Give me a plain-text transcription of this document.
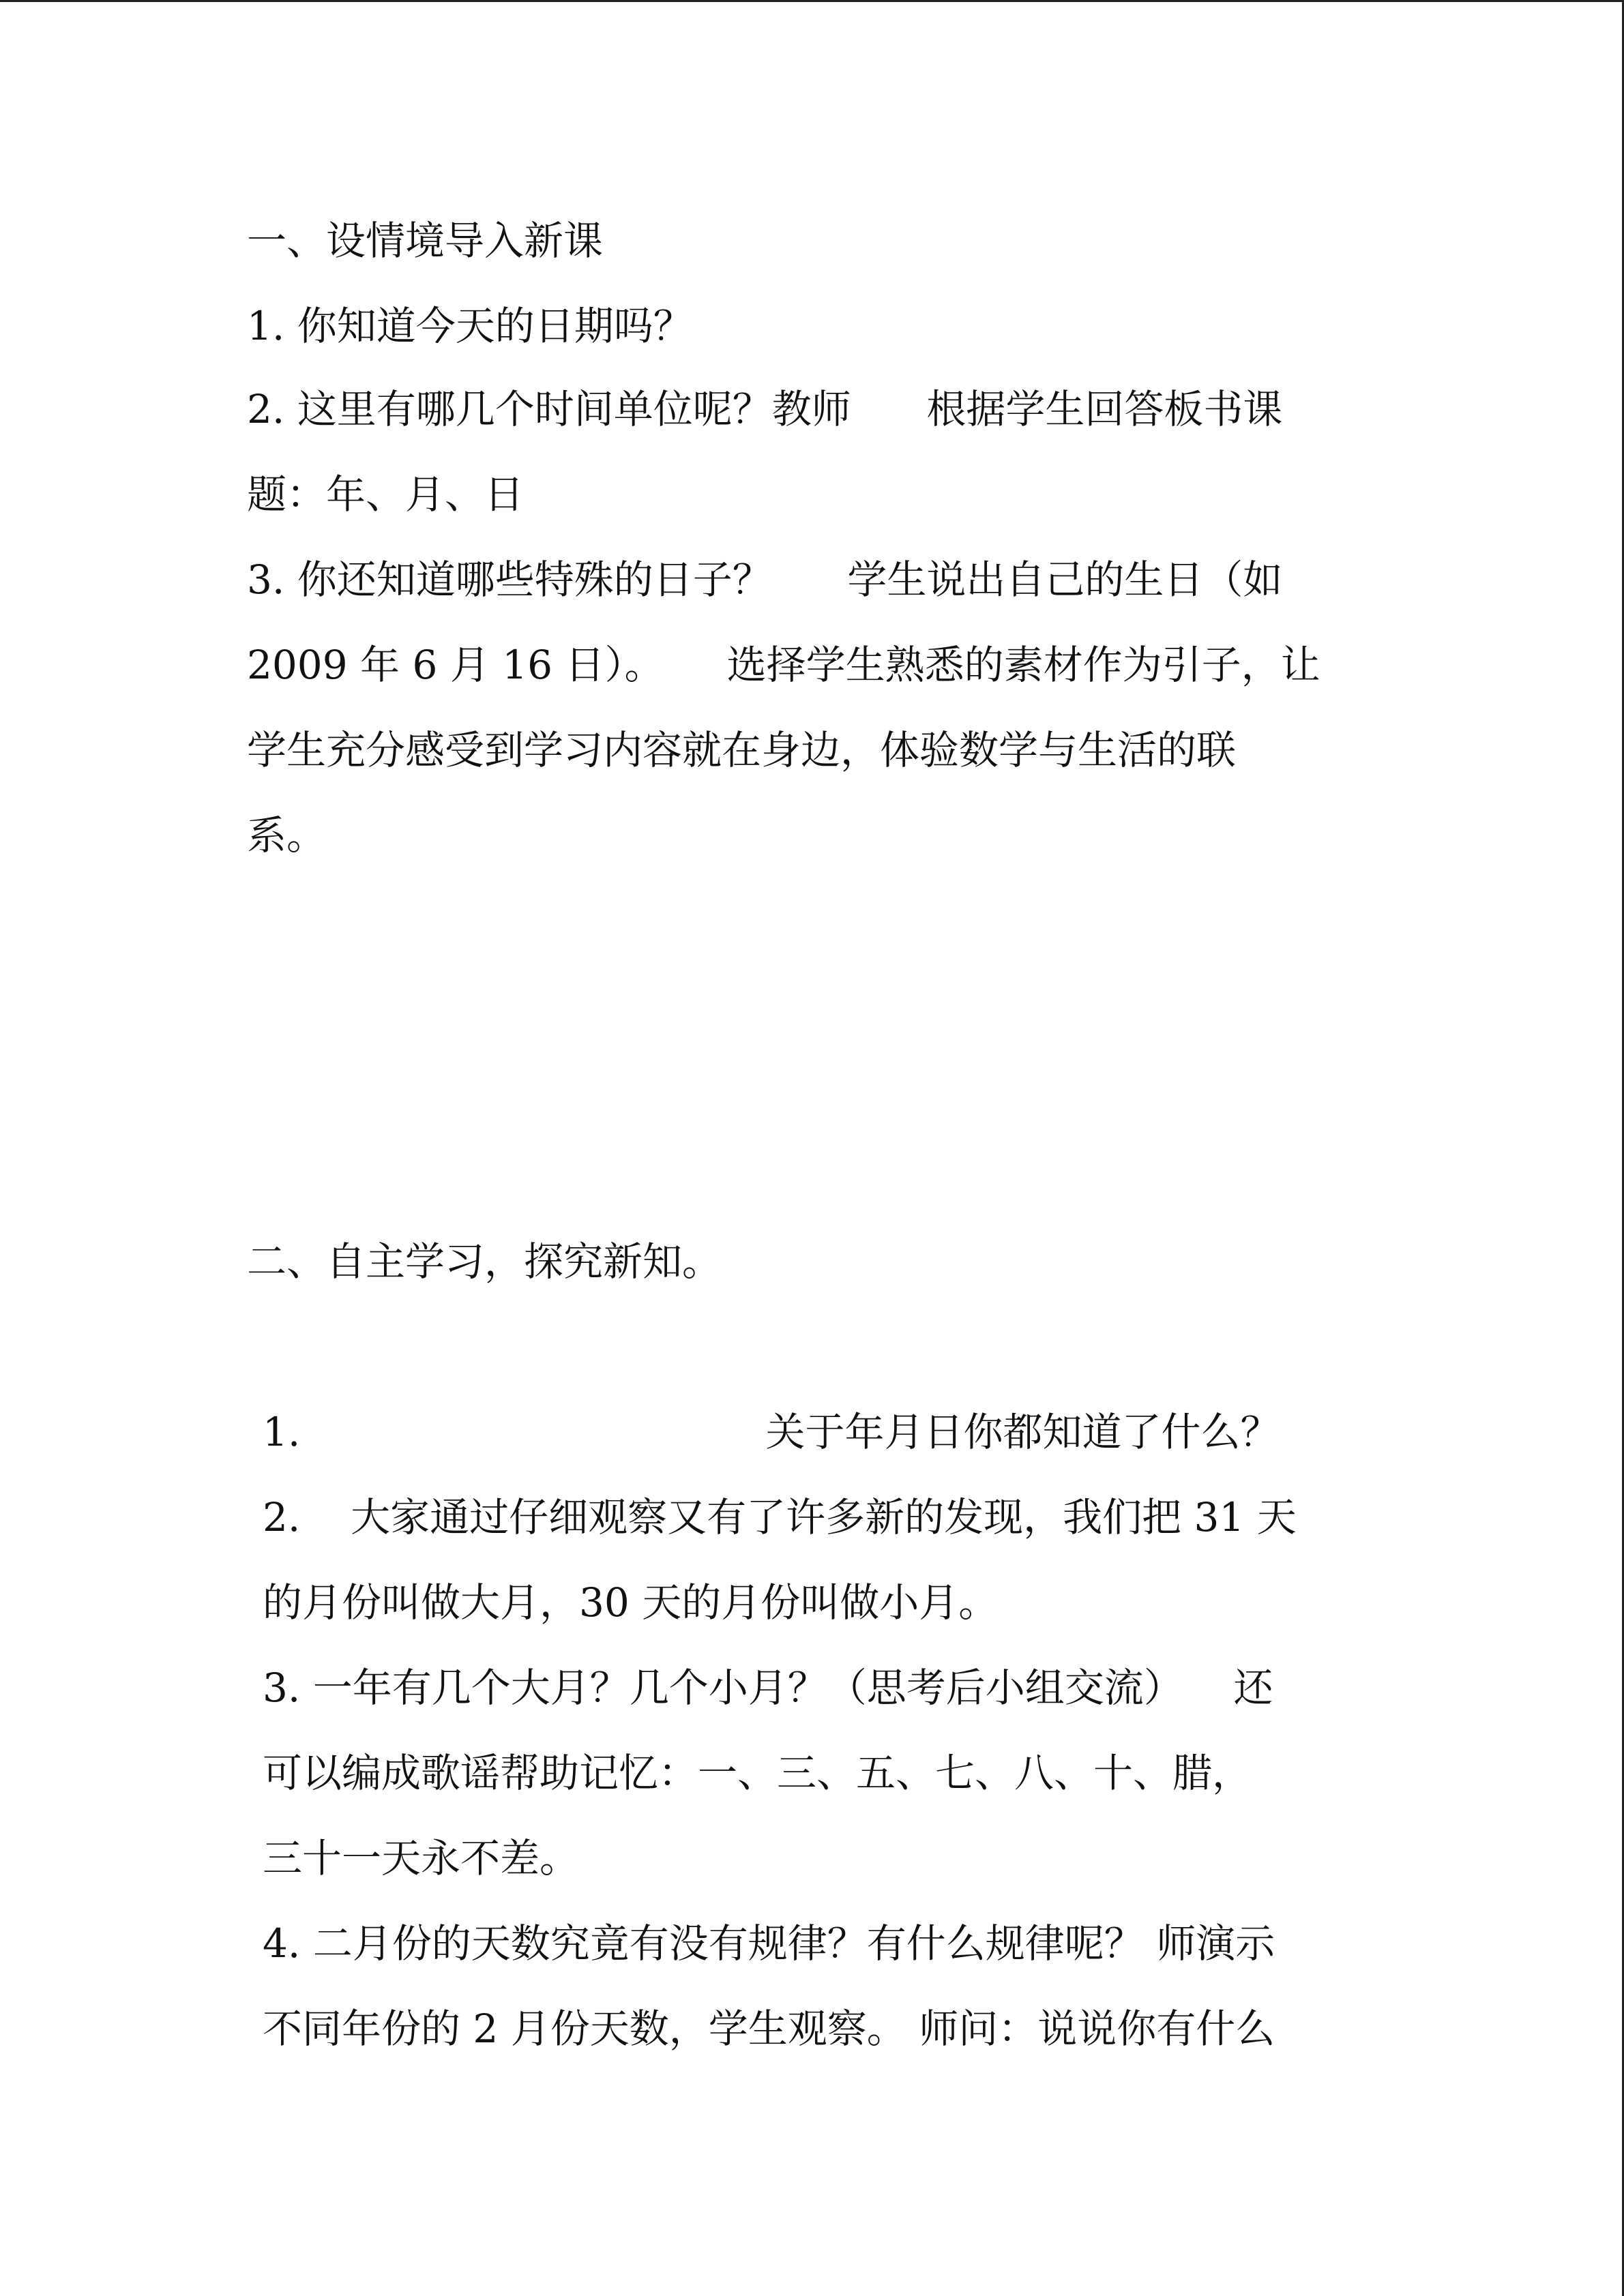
一、设情境导入新课
1. 你知道今天的日期吗？
2. 这里有哪几个时间单位呢？教师      根据学生回答板书课
题：年、月、日
3. 你还知道哪些特殊的日子？      学生说出自己的生日（如
2009 年 6 月 16 日）。     选择学生熟悉的素材作为引子，让
学生充分感受到学习内容就在身边，体验数学与生活的联
系。
二、自主学习，探究新知。
1.                                     关于年月日你都知道了什么？
2.    大家通过仔细观察又有了许多新的发现，我们把 31 天
的月份叫做大月，30 天的月份叫做小月。
3. 一年有几个大月？几个小月？（思考后小组交流）    还
可以编成歌谣帮助记忆：一、三、五、七、八、十、腊，
三十一天永不差。
4. 二月份的天数究竟有没有规律？有什么规律呢？ 师演示
不同年份的 2 月份天数，学生观察。 师问：说说你有什么
